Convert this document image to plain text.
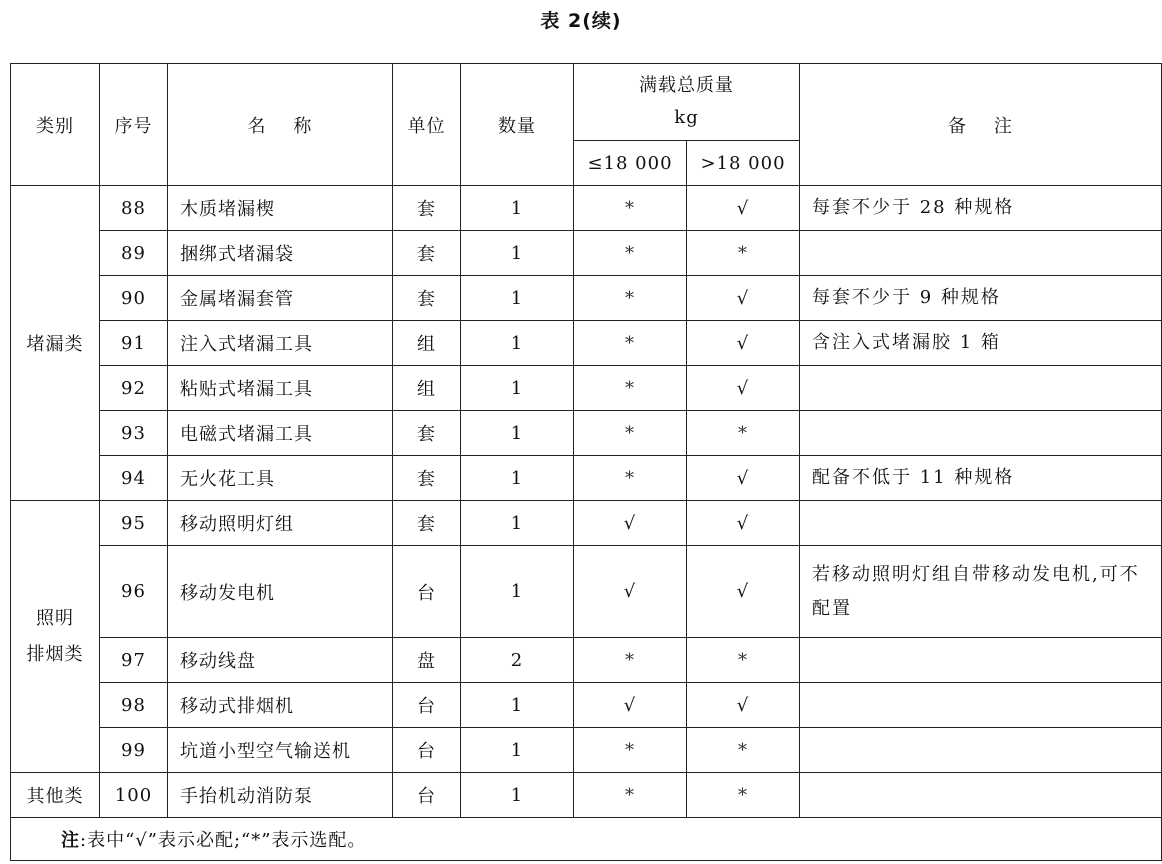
表 2(续)
类别	序号	名    称	单位	数量	满载总质量
kg		备    注
					≤18 000	>18 000	
堵漏类	88	木质堵漏楔	套	1	*	√	每套不少于 28 种规格
	89	捆绑式堵漏袋	套	1	*	*	
	90	金属堵漏套管	套	1	*	√	每套不少于 9 种规格
	91	注入式堵漏工具	组	1	*	√	含注入式堵漏胶 1 箱
	92	粘贴式堵漏工具	组	1	*	√	
	93	电磁式堵漏工具	套	1	*	*	
	94	无火花工具	套	1	*	√	配备不低于 11 种规格
照明
排烟类	95	移动照明灯组	套	1	√	√	
	96	移动发电机	台	1	√	√	若移动照明灯组自带移动发电机,可不配置
	97	移动线盘	盘	2	*	*	
	98	移动式排烟机	台	1	√	√	
	99	坑道小型空气输送机	台	1	*	*	
其他类	100	手抬机动消防泵	台	1	*	*	
注:表中“√”表示必配;“*”表示选配。							
